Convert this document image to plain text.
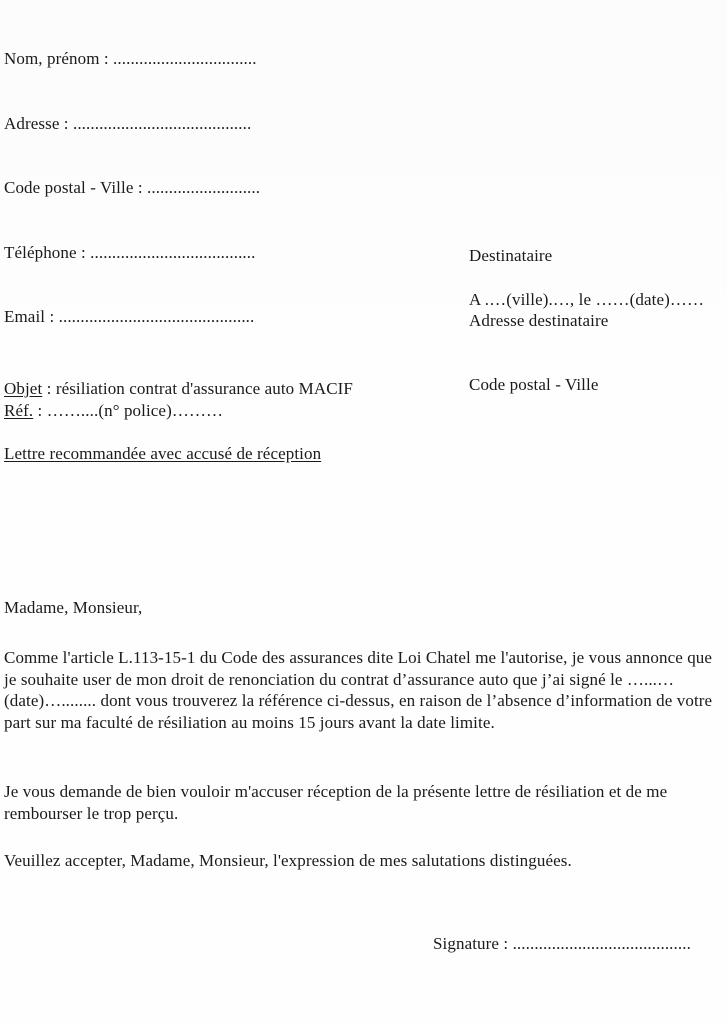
Nom, prénom : .................................

Adresse : .........................................

Code postal - Ville : ..........................

Téléphone : ......................................

Email : .............................................

Destinataire

Adresse destinataire

Code postal - Ville

A .…(ville).…, le ……(date)……
Objet : résiliation contrat d'assurance auto MACIF
Réf. : ……....(n° police)………
Lettre recommandée avec accusé de réception
Madame, Monsieur,
Comme l'article L.113-15-1 du Code des assurances dite Loi Chatel me l'autorise, je vous annonce que je souhaite user de mon droit de renonciation du contrat d’assurance auto que j’ai signé le …...…(date)…........ dont vous trouverez la référence ci-dessus, en raison de l’absence d’information de votre part sur ma faculté de résiliation au moins 15 jours avant la date limite.
Je vous demande de bien vouloir m'accuser réception de la présente lettre de résiliation et de me rembourser le trop perçu.
Veuillez accepter, Madame, Monsieur, l'expression de mes salutations distinguées.
Signature : .........................................
